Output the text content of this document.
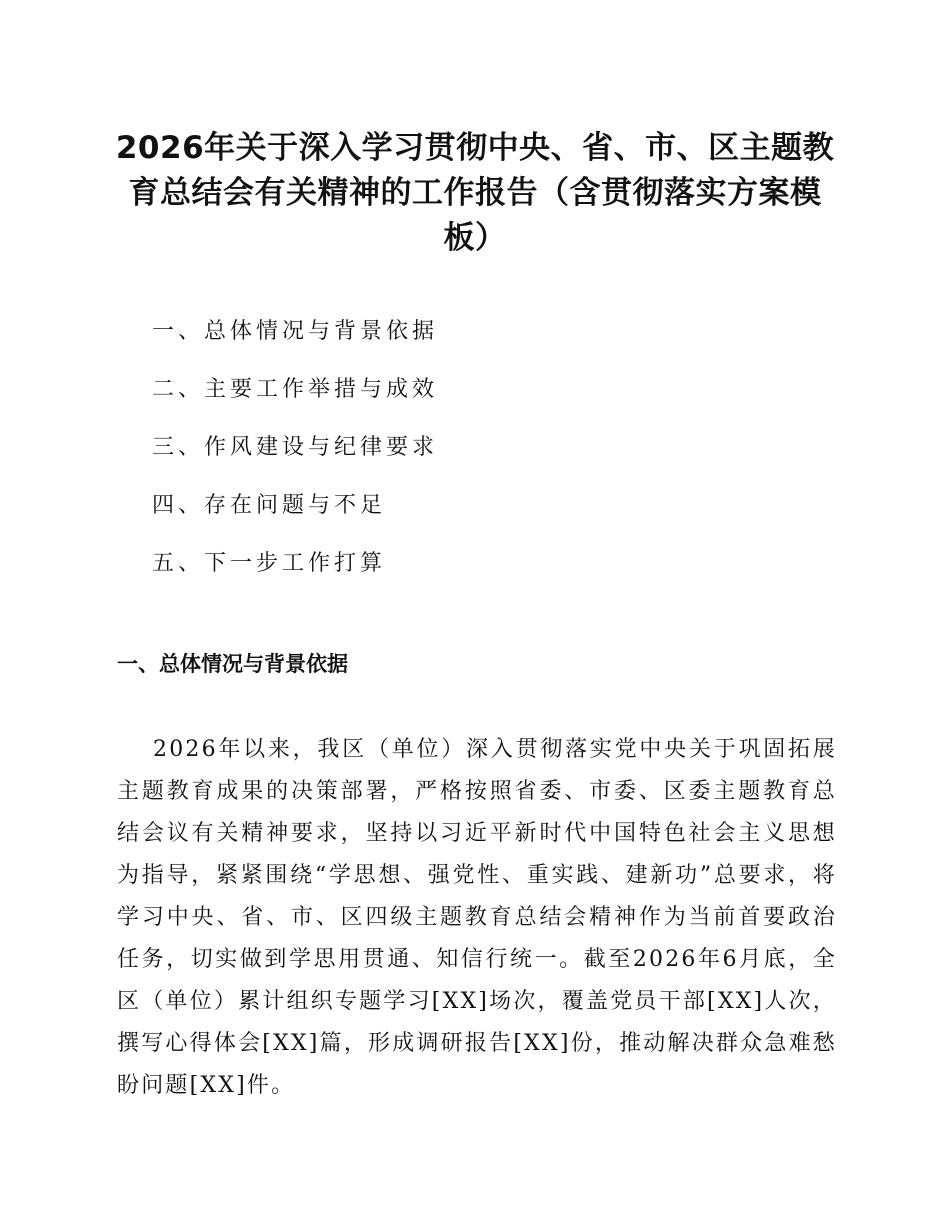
2026年关于深入学习贯彻中央、省、市、区主题教育总结会有关精神的工作报告（含贯彻落实方案模板）
一、总体情况与背景依据
二、主要工作举措与成效
三、作风建设与纪律要求
四、存在问题与不足
五、下一步工作打算
一、总体情况与背景依据
2026年以来，我区（单位）深入贯彻落实党中央关于巩固拓展主题教育成果的决策部署，严格按照省委、市委、区委主题教育总结会议有关精神要求，坚持以习近平新时代中国特色社会主义思想为指导，紧紧围绕“学思想、强党性、重实践、建新功”总要求，将学习中央、省、市、区四级主题教育总结会精神作为当前首要政治任务，切实做到学思用贯通、知信行统一。截至2026年6月底，全区（单位）累计组织专题学习[XX]场次，覆盖党员干部[XX]人次，撰写心得体会[XX]篇，形成调研报告[XX]份，推动解决群众急难愁盼问题[XX]件。
